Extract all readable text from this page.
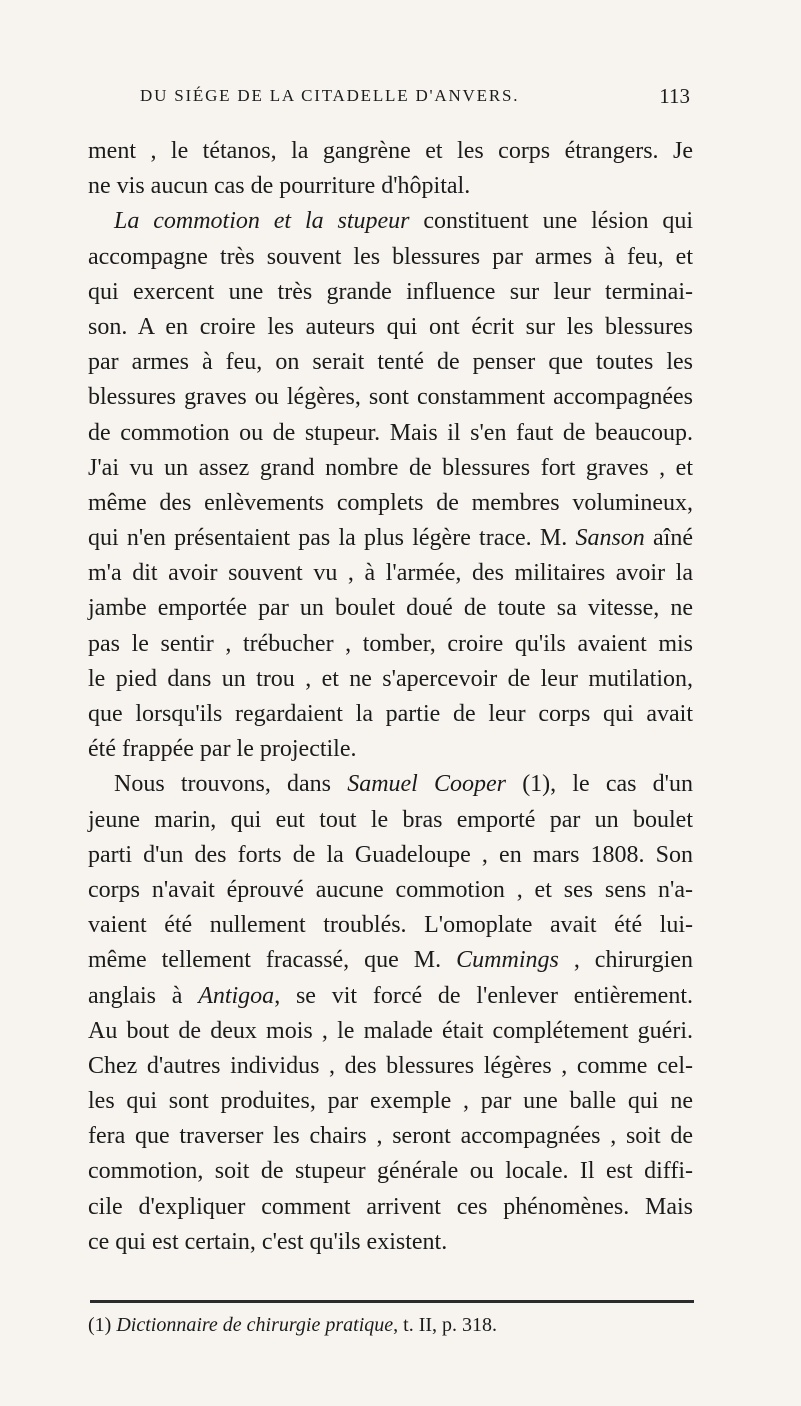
DU SIÉGE DE LA CITADELLE D'ANVERS.	113
ment , le tétanos, la gangrène et les corps étrangers. Je
ne vis aucun cas de pourriture d'hôpital.
La commotion et la stupeur constituent une lésion qui
accompagne très souvent les blessures par armes à feu, et
qui exercent une très grande influence sur leur terminai-
son. A en croire les auteurs qui ont écrit sur les blessures
par armes à feu, on serait tenté de penser que toutes les
blessures graves ou légères, sont constamment accompagnées
de commotion ou de stupeur. Mais il s'en faut de beaucoup.
J'ai vu un assez grand nombre de blessures fort graves , et
même des enlèvements complets de membres volumineux,
qui n'en présentaient pas la plus légère trace. M. Sanson aîné
m'a dit avoir souvent vu , à l'armée, des militaires avoir la
jambe emportée par un boulet doué de toute sa vitesse, ne
pas le sentir , trébucher , tomber, croire qu'ils avaient mis
le pied dans un trou , et ne s'apercevoir de leur mutilation,
que lorsqu'ils regardaient la partie de leur corps qui avait
été frappée par le projectile.
Nous trouvons, dans Samuel Cooper (1), le cas d'un
jeune marin, qui eut tout le bras emporté par un boulet
parti d'un des forts de la Guadeloupe , en mars 1808. Son
corps n'avait éprouvé aucune commotion , et ses sens n'a-
vaient été nullement troublés. L'omoplate avait été lui-
même tellement fracassé, que M. Cummings , chirurgien
anglais à Antigoa, se vit forcé de l'enlever entièrement.
Au bout de deux mois , le malade était complétement guéri.
Chez d'autres individus , des blessures légères , comme cel-
les qui sont produites, par exemple , par une balle qui ne
fera que traverser les chairs , seront accompagnées , soit de
commotion, soit de stupeur générale ou locale. Il est diffi-
cile d'expliquer comment arrivent ces phénomènes. Mais
ce qui est certain, c'est qu'ils existent.
(1) Dictionnaire de chirurgie pratique, t. II, p. 318.
